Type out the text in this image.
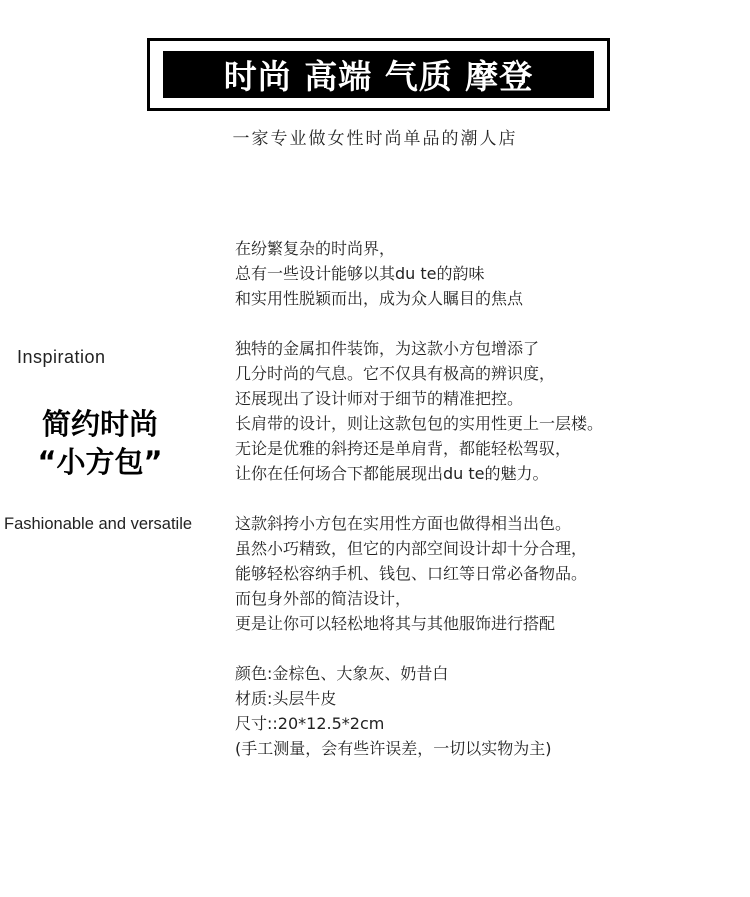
时尚 高端 气质 摩登
一家专业做女性时尚单品的潮人店
Inspiration
简约时尚
“小方包”
Fashionable and versatile
在纷繁复杂的时尚界，
总有一些设计能够以其du te的韵味
和实用性脱颖而出，成为众人瞩目的焦点
独特的金属扣件装饰，为这款小方包增添了
几分时尚的气息。它不仅具有极高的辨识度，
还展现出了设计师对于细节的精准把控。
长肩带的设计，则让这款包包的实用性更上一层楼。
无论是优雅的斜挎还是单肩背，都能轻松驾驭，
让你在任何场合下都能展现出du te的魅力。
这款斜挎小方包在实用性方面也做得相当出色。
虽然小巧精致，但它的内部空间设计却十分合理，
能够轻松容纳手机、钱包、口红等日常必备物品。
而包身外部的简洁设计，
更是让你可以轻松地将其与其他服饰进行搭配
颜色:金棕色、大象灰、奶昔白
材质:头层牛皮
尺寸::20*12.5*2cm
(手工测量，会有些许误差，一切以实物为主)
